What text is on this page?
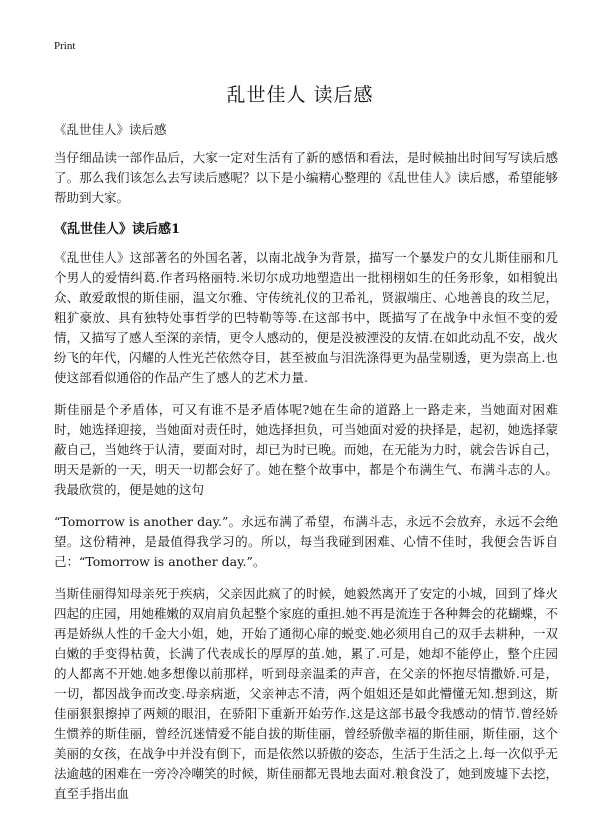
Print
乱世佳人 读后感

《乱世佳人》读后感

当仔细品读一部作品后，大家一定对生活有了新的感悟和看法，是时候抽出时间写写读后感了。那么我们该怎么去写读后感呢？以下是小编精心整理的《乱世佳人》读后感，希望能够帮助到大家。

《乱世佳人》读后感1

《乱世佳人》这部著名的外国名著，以南北战争为背景，描写一个暴发户的女儿斯佳丽和几个男人的爱情纠葛.作者玛格丽特.米切尔成功地塑造出一批栩栩如生的任务形象，如相貌出众、敢爱敢恨的斯佳丽，温文尔雅、守传统礼仪的卫希礼，贤淑端庄、心地善良的玫兰尼，粗犷豪放、具有独特处事哲学的巴特勒等等.在这部书中，既描写了在战争中永恒不变的爱情，又描写了感人至深的亲情，更令人感动的，便是没被湮没的友情.在如此动乱不安，战火纷飞的年代，闪耀的人性光芒依然夺目，甚至被血与泪洗涤得更为晶莹剔透，更为崇高上.也使这部看似通俗的作品产生了感人的艺术力量.

斯佳丽是个矛盾体，可又有谁不是矛盾体呢?她在生命的道路上一路走来，当她面对困难时，她选择迎接，当她面对责任时，她选择担负，可当她面对爱的抉择是，起初，她选择蒙蔽自己，当她终于认清，要面对时，却已为时已晚。而她，在无能为力时，就会告诉自己，明天是新的一天，明天一切都会好了。她在整个故事中，都是个布满生气、布满斗志的人。我最欣赏的，便是她的这句

“Tomorrow is another day.”。永远布满了希望，布满斗志，永远不会放弃，永远不会绝望。这份精神，是最值得我学习的。所以，每当我碰到困难、心情不佳时，我便会告诉自己：“Tomorrow is another day.”。

当斯佳丽得知母亲死于疾病，父亲因此疯了的时候，她毅然离开了安定的小城，回到了烽火四起的庄园，用她稚嫩的双肩肩负起整个家庭的重担.她不再是流连于各种舞会的花蝴蝶，不再是娇纵人性的千金大小姐，她，开始了通彻心扉的蜕变.她必须用自己的双手去耕种，一双白嫩的手变得枯黄，长满了代表成长的厚厚的茧.她，累了.可是，她却不能停止，整个庄园的人都离不开她.她多想像以前那样，听到母亲温柔的声音，在父亲的怀抱尽情撒娇.可是，一切，都因战争而改变.母亲病逝，父亲神志不清，两个姐姐还是如此懵懂无知.想到这，斯佳丽狠狠擦掉了两颊的眼泪，在骄阳下重新开始劳作.这是这部书最令我感动的情节.曾经娇生惯养的斯佳丽，曾经沉迷情爱不能自拔的斯佳丽，曾经骄傲幸福的斯佳丽，斯佳丽，这个美丽的女孩，在战争中并没有倒下，而是依然以骄傲的姿态，生活于生活之上.每一次似乎无法逾越的困难在一旁冷冷嘲笑的时候，斯佳丽都无畏地去面对.粮食没了，她到废墟下去挖，直至手指出血
